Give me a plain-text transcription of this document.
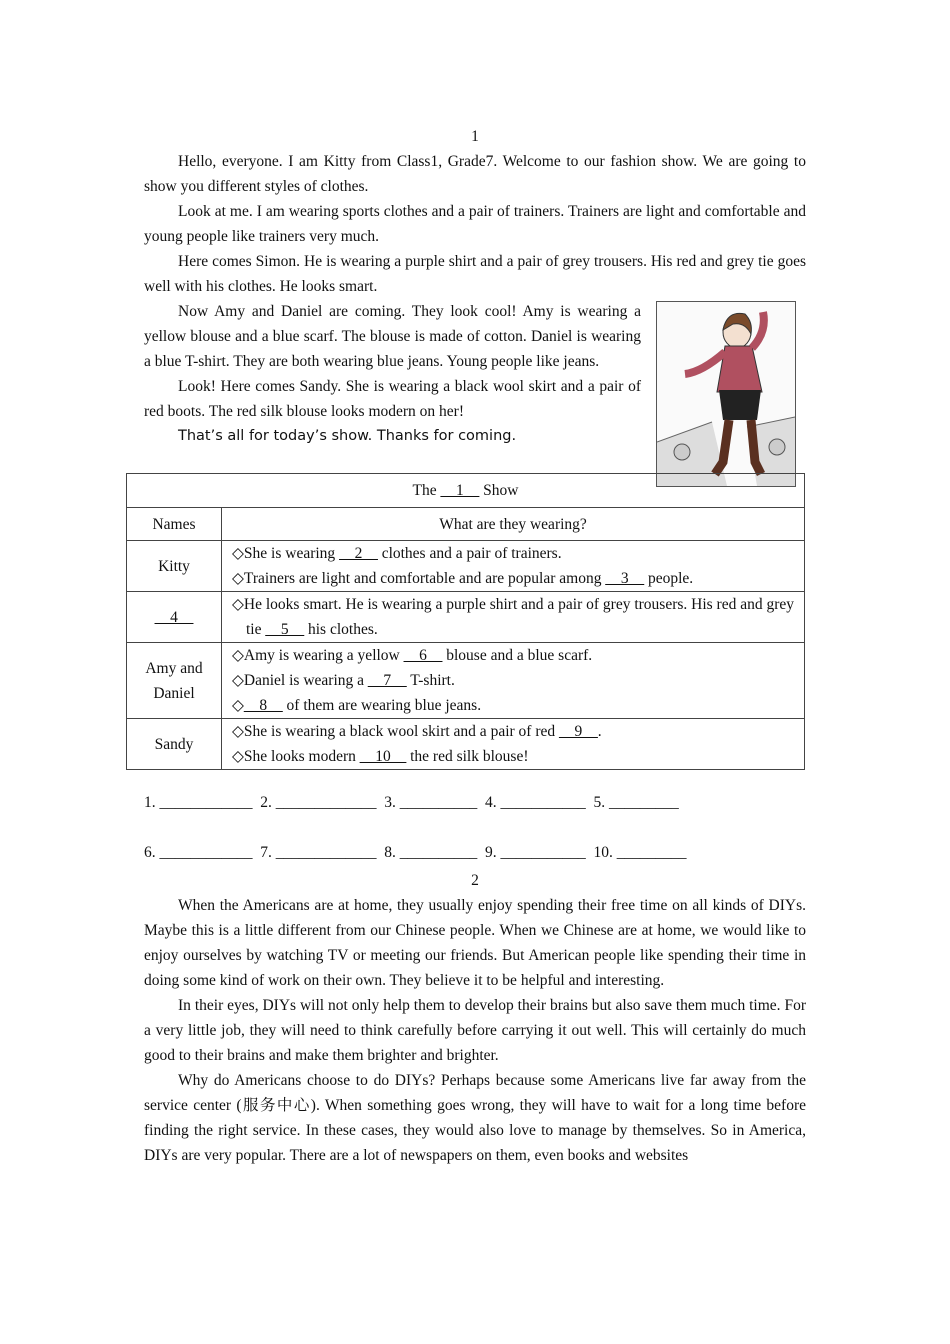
1

Hello, everyone. I am Kitty from Class1, Grade7. Welcome to our fashion show. We are going to show you different styles of clothes.

Look at me. I am wearing sports clothes and a pair of trainers. Trainers are light and comfortable and young people like trainers very much.

Here comes Simon. He is wearing a purple shirt and a pair of grey trousers. His red and grey tie goes well with his clothes. He looks smart.

Now Amy and Daniel are coming. They look cool! Amy is wearing a yellow blouse and a blue scarf. The blouse is made of cotton. Daniel is wearing a blue T-shirt. They are both wearing blue jeans. Young people like jeans.

Look! Here comes Sandy. She is wearing a black wool skirt and a pair of red boots. The red silk blouse looks modern on her!

That’s all for today’s show. Thanks for coming.

The __1__ Show	
Names	What are they wearing?
Kitty	◇She is wearing __2__ clothes and a pair of trainers.
◇Trainers are light and comfortable and are popular among __3__ people.

__4__	◇He looks smart. He is wearing a purple shirt and a pair of grey trousers. His red and grey tie __5__ his clothes.

Amy and Daniel	◇Amy is wearing a yellow __6__ blouse and a blue scarf.
◇Daniel is wearing a __7__ T-shirt.
◇__8__ of them are wearing blue jeans.

Sandy	◇She is wearing a black wool skirt and a pair of red __9__.
◇She looks modern __10__ the red silk blouse!
1. ____________  2. _____________  3. __________  4. ___________  5. _________
6. ____________  7. _____________  8. __________  9. ___________  10. _________
2

When the Americans are at home, they usually enjoy spending their free time on all kinds of DIYs. Maybe this is a little different from our Chinese people. When we Chinese are at home, we would like to enjoy ourselves by watching TV or meeting our friends. But American people like spending their time in doing some kind of work on their own. They believe it to be helpful and interesting.

In their eyes, DIYs will not only help them to develop their brains but also save them much time. For a very little job, they will need to think carefully before carrying it out well. This will certainly do much good to their brains and make them brighter and brighter.

Why do Americans choose to do DIYs? Perhaps because some Americans live far away from the service center (服务中心). When something goes wrong, they will have to wait for a long time before finding the right service. In these cases, they would also love to manage by themselves. So in America, DIYs are very popular. There are a lot of newspapers on them, even books and websites
